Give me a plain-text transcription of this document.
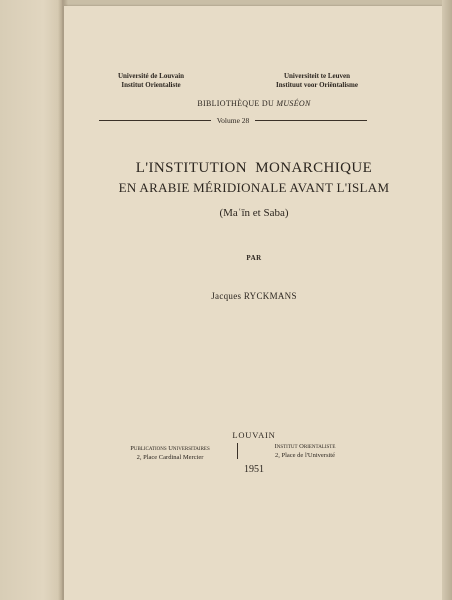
Université de Louvain
Institut Orientaliste
Universiteit te Leuven
Instituut voor Oriëntalisme
BIBLIOTHÈQUE DU MUSÉON
Volume 28
L'INSTITUTION  MONARCHIQUE
EN ARABIE MÉRIDIONALE AVANT L'ISLAM
(Maʿīn et Saba)
PAR
Jacques RYCKMANS
LOUVAIN
Publications Universitaires
2, Place Cardinal Mercier
Institut Orientaliste
2, Place de l'Université
1951
